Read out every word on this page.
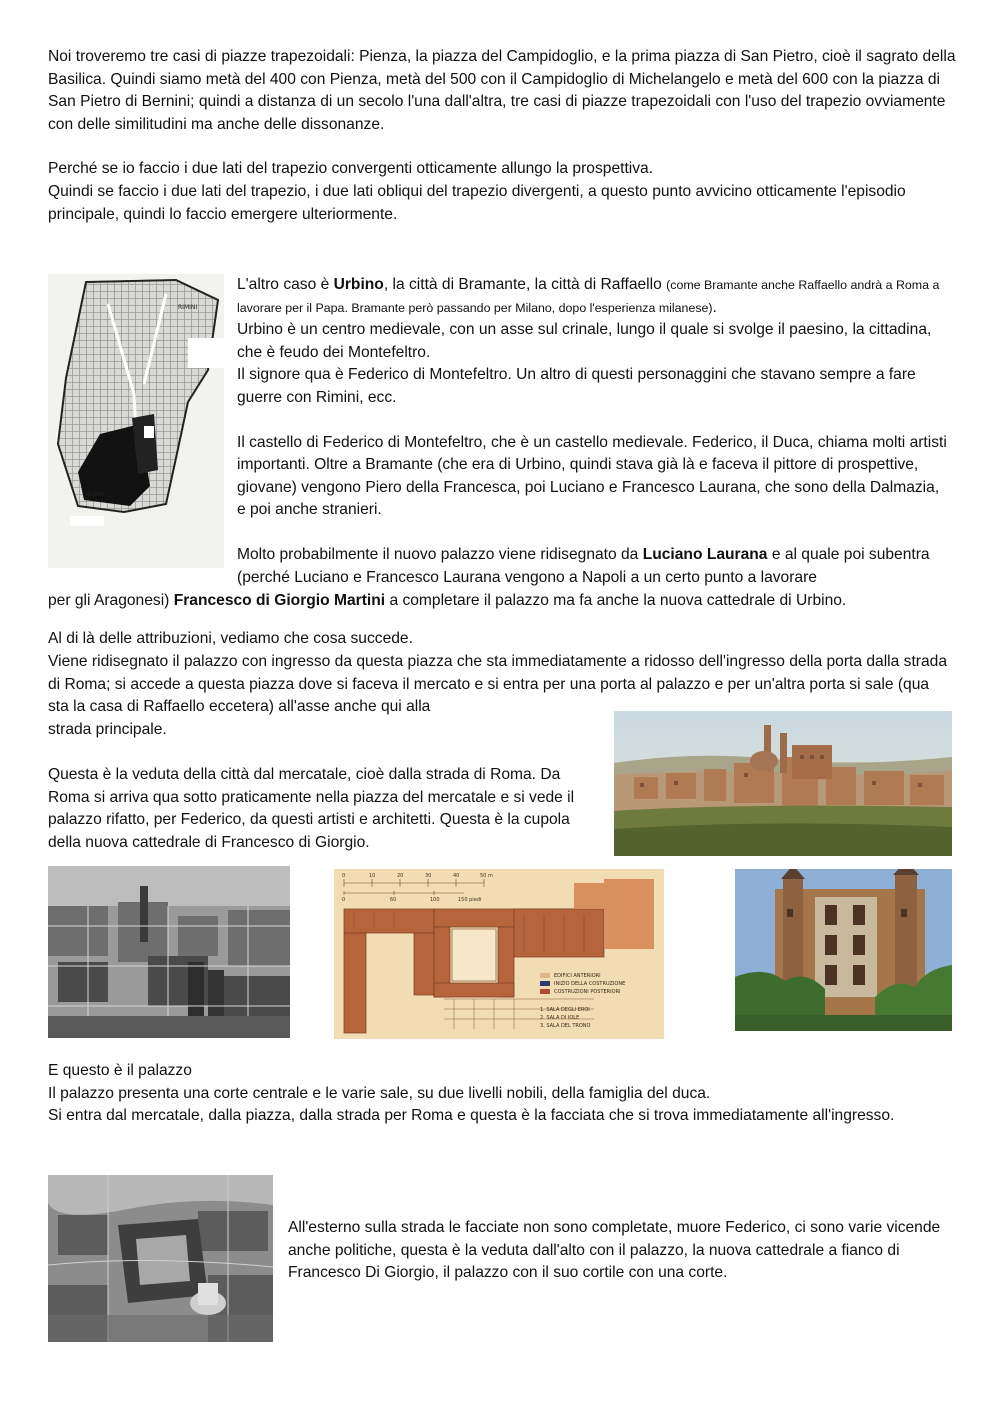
Noi troveremo tre casi di piazze trapezoidali: Pienza, la piazza del Campidoglio, e la prima piazza di San Pietro, cioè il sagrato della Basilica. Quindi siamo metà del 400 con Pienza, metà del 500 con il Campidoglio di Michelangelo e metà del 600 con la piazza di San Pietro di Bernini; quindi a distanza di un secolo l'una dall'altra, tre casi di piazze trapezoidali con l'uso del trapezio ovviamente con delle similitudini ma anche delle dissonanze.

Perché se io faccio i due lati del trapezio convergenti otticamente allungo la prospettiva.

Quindi se faccio i due lati del trapezio, i due lati obliqui del trapezio divergenti, a questo punto avvicino otticamente l'episodio principale, quindi lo faccio emergere ulteriormente.

RIMINI
ROMA

L'altro caso è Urbino, la città di Bramante, la città di Raffaello (come Bramante anche Raffaello andrà a Roma a lavorare per il Papa. Bramante però passando per Milano, dopo l'esperienza milanese).

Urbino è un centro medievale, con un asse sul crinale, lungo il quale si svolge il paesino, la cittadina, che è feudo dei Montefeltro.

Il signore qua è Federico di Montefeltro. Un altro di questi personaggini che stavano sempre a fare guerre con Rimini, ecc.

Il castello di Federico di Montefeltro, che è un castello medievale. Federico, il Duca, chiama molti artisti importanti. Oltre a Bramante (che era di Urbino, quindi stava già là e faceva il pittore di prospettive, giovane) vengono Piero della Francesca, poi Luciano e Francesco Laurana, che sono della Dalmazia, e poi anche stranieri.

Molto probabilmente il nuovo palazzo viene ridisegnato da Luciano Laurana e al quale poi subentra (perché Luciano e Francesco Laurana vengono a Napoli a un certo punto a lavorare

per gli Aragonesi) Francesco di Giorgio Martini a completare il palazzo ma fa anche la nuova cattedrale di Urbino.

Al di là delle attribuzioni, vediamo che cosa succede.

Viene ridisegnato il palazzo con ingresso da questa piazza che sta immediatamente a ridosso dell'ingresso della porta dalla strada di Roma; si accede a questa piazza dove si faceva il mercato e si entra per una porta al palazzo e per un'altra porta si sale (qua sta la casa di Raffaello eccetera) all'asse anche qui alla

strada principale.

Questa è la veduta della città dal mercatale, cioè dalla strada di Roma. Da Roma si arriva qua sotto praticamente nella piazza del mercatale e si vede il palazzo rifatto, per Federico, da questi artisti e architetti. Questa è la cupola della nuova cattedrale di Francesco di Giorgio.

0	10	20	30	40	50 m
0	60	100	150 piedi
EDIFICI ANTERIORI
INIZIO DELLA COSTRUZIONE
COSTRUZIONI POSTERIORI
1. SALA DEGLI EROI
2. SALA DI IOLE
3. SALA DEL TRONO

E questo è il palazzo

Il palazzo presenta una corte centrale e le varie sale, su due livelli nobili, della famiglia del duca.

Si entra dal mercatale, dalla piazza, dalla strada per Roma e questa è la facciata che si trova immediatamente all'ingresso.

All'esterno sulla strada le facciate non sono completate, muore Federico, ci sono varie vicende anche politiche, questa è la veduta dall'alto con il palazzo, la nuova cattedrale a fianco di Francesco Di Giorgio, il palazzo con il suo cortile con una corte.
